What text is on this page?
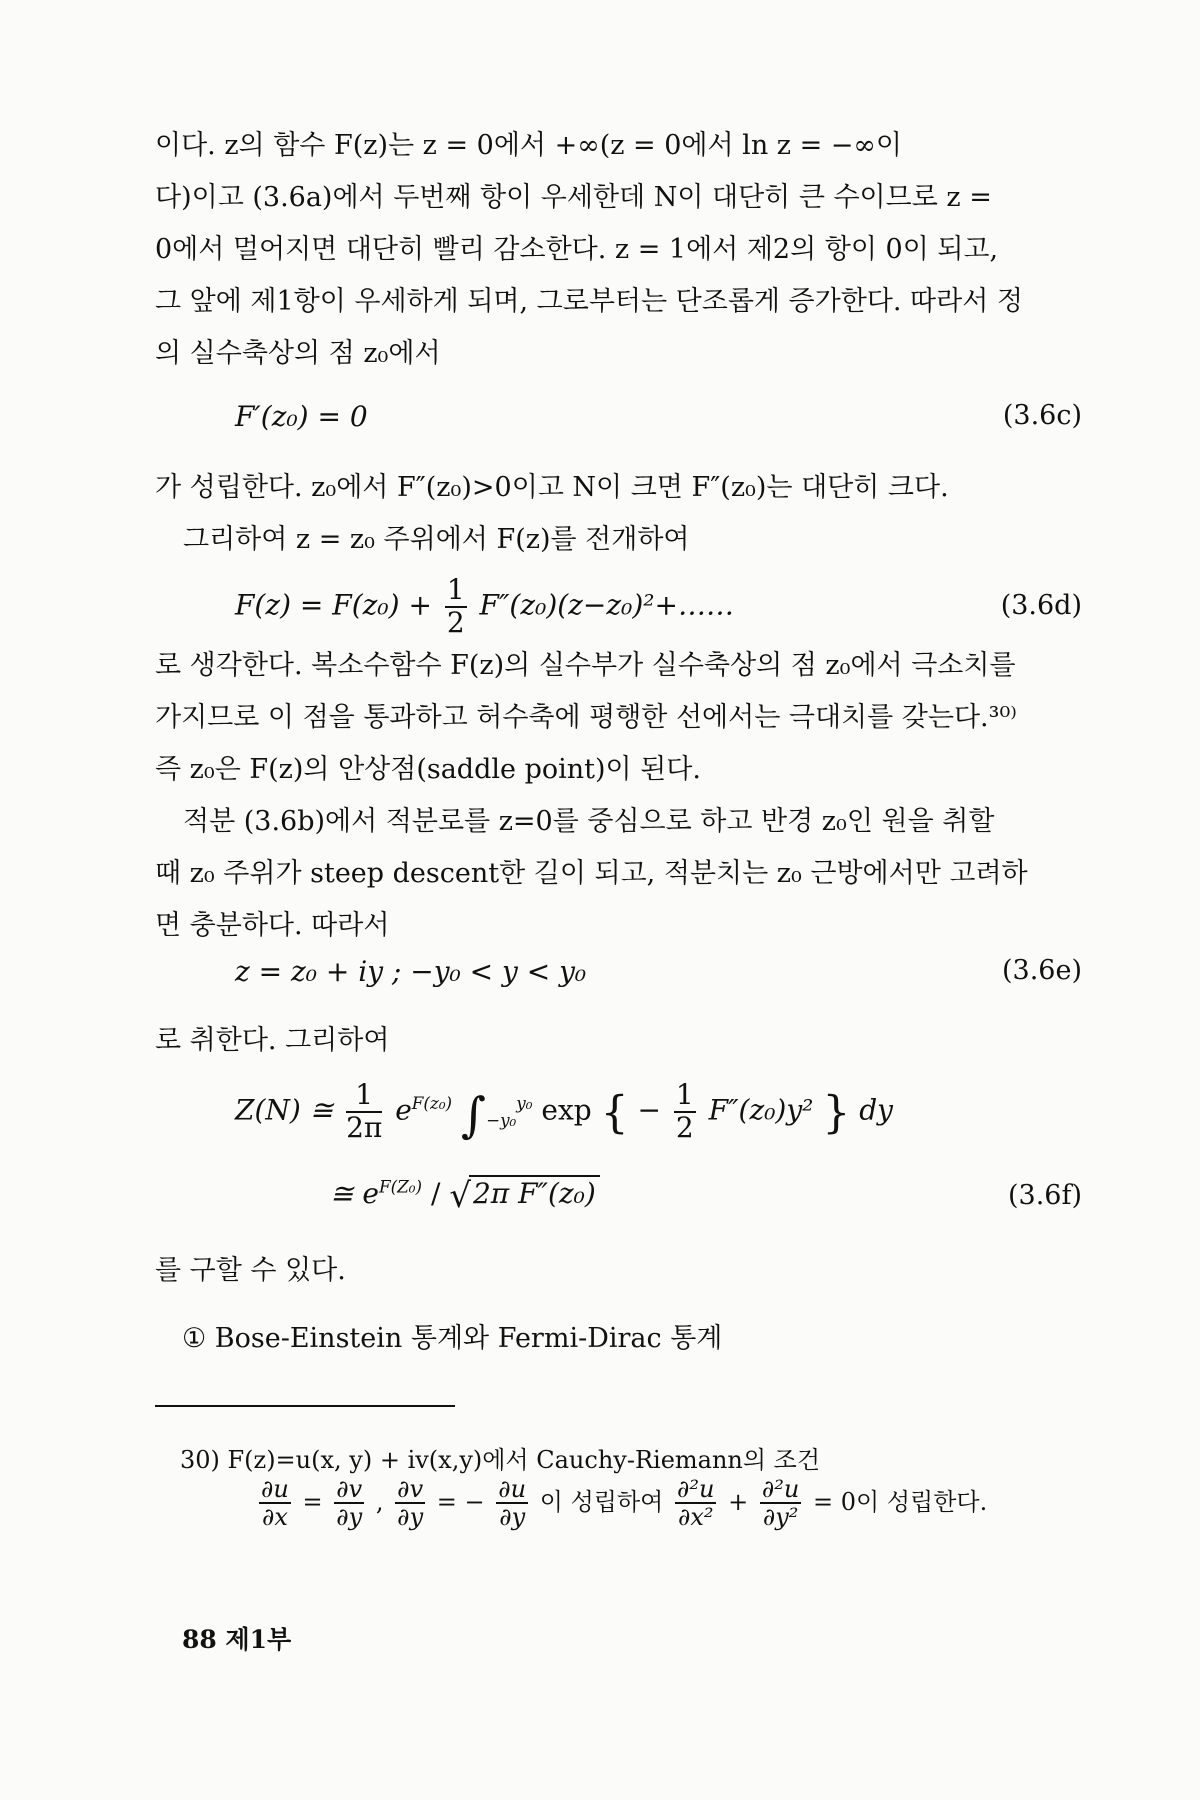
이다. z의 함수 F(z)는 z = 0에서 +∞(z = 0에서 ln z = −∞이
다)이고 (3.6a)에서 두번째 항이 우세한데 N이 대단히 큰 수이므로 z =
0에서 멀어지면 대단히 빨리 감소한다. z = 1에서 제2의 항이 0이 되고,
그 앞에 제1항이 우세하게 되며, 그로부터는 단조롭게 증가한다. 따라서 정
의 실수축상의 점 z₀에서

F′(z₀) = 0	(3.6c)

가 성립한다. z₀에서 F″(z₀)>0이고 N이 크면 F″(z₀)는 대단히 크다.
그리하여 z = z₀ 주위에서 F(z)를 전개하여

$F(z) = F(z_0) + \frac{1}{2}$ F″(z₀)(z−z₀)²+……	(3.6d)

로 생각한다. 복소수함수 F(z)의 실수부가 실수축상의 점 z₀에서 극소치를
가지므로 이 점을 통과하고 허수축에 평행한 선에서는 극대치를 갖는다.³⁰⁾
즉 z₀은 F(z)의 안상점(saddle point)이 된다.
적분 (3.6b)에서 적분로를 z=0를 중심으로 하고 반경 z₀인 원을 취할
때 z₀ 주위가 steep descent한 길이 되고, 적분치는 z₀ 근방에서만 고려하
면 충분하다. 따라서

z = z₀ + iy ; −y₀ < y < y₀	(3.6e)

로 취한다. 그리하여

Z(N) ≅ $\frac{1}{2\pi} e^{F(z_0)}$ $\int_{-y_0}^{y_0}$ exp { − $\frac{1}{2} F''(z_0)y^2$ } dy
≅ $e^{F(Z_0)} / √2\pi$ F″(z₀)	(3.6f)

를 구할 수 있다.

① Bose-Einstein 통계와 Fermi-Dirac 통계

30) F(z)=u(x, y) + iv(x,y)에서 Cauchy-Riemann의 조건
$\frac{\partial u}{\partial x} = \frac{\partial v}{\partial y}$ , $\frac{\partial v}{\partial y}$ = − $\frac{\partial u}{\partial y}$ 이 성립하여 $\frac{\text{∂²u}}{\text{∂x²}} + \frac{\text{∂²u}}{\text{∂y²}} = 0$이 성립한다.
88 제1부
